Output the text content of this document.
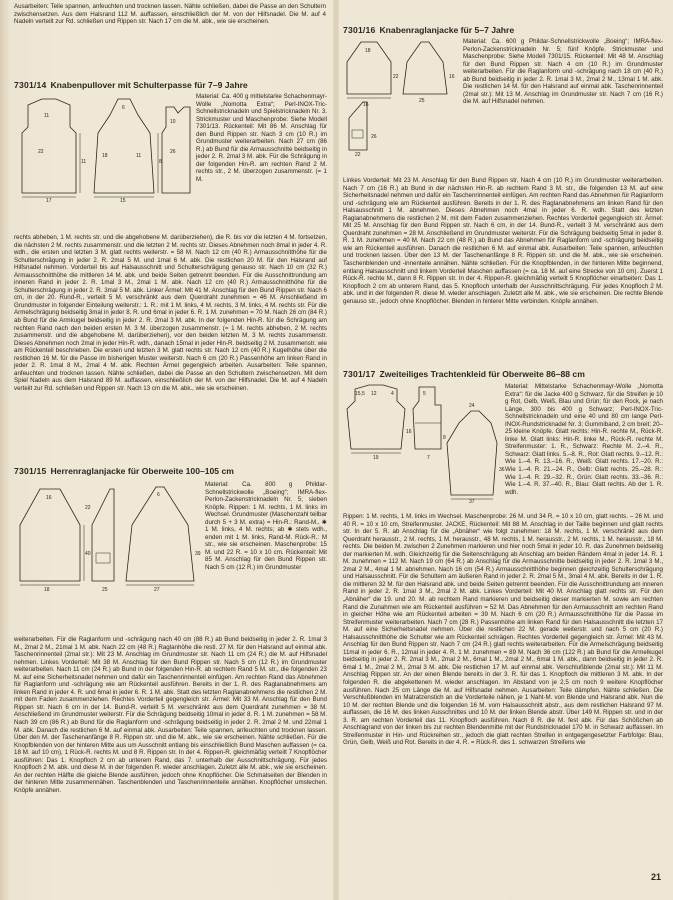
Ausarbeiten: Teile spannen, anfeuchten und trocknen lassen. Nähte schließen, dabei die Passe an den Schultern zwischensetzen. Aus dem Halsrand 112 M. auffassen, einschließlich der M. von der Hilfsnadel. Die M. auf 4 Nadeln verteilt zur Rd. schließen und Rippen str. Nach 17 cm die M. abk., wie sie erscheinen.

7301/14 Knabenpullover mit Schulterpasse für 7–9 Jahre

17
11
11
15
8
18	11
10
6
22	26

Material: Ca. 400 g mittelstarke Schachenmayr-Wolle „Nomotta Extra“; Perl-INOX-Tric-Schnellstricknadeln und Spielstricknadeln Nr. 3. Strickmuster und Maschenprobe: Siehe Modell 7301/13. Rückenteil: Mit 86 M. Anschlag für den Bund Rippen str. Nach 3 cm (10 R.) im Grundmuster weiterarbeiten. Nach 27 cm (86 R.) ab Bund für die Armausschnitte beidseitig in jeder 2. R. 2mal 3 M. abk. Für die Schrägung in der folgenden Hin-R. am rechten Rand 2 M. rechts str., 2 M. überzogen zusammenstr. (= 1 M.

rechts abheben, 1 M. rechts str. und die abgehobene M. darüberziehen), die R. bis vor die letzten 4 M. fortsetzen, die nächsten 2 M. rechts zusammenstr. und die letzten 2 M. rechts str. Dieses Abnehmen noch 8mal in jeder 4. R. wdh., die ersten und letzten 3 M. glatt rechts weiterstr. = 58 M. Nach 12 cm (40 R.) Armausschnitthöhe für die Schulterschrägung in jeder 2. R. 2mal 5 M. und 1mal 6 M. abk. Die restlichen 20 M. für den Halsrand auf Hilfsnadel nehmen. Vorderteil bis auf Halsausschnitt und Schulterschrägung genauso str. Nach 10 cm (32 R.) Armausschnitthöhe die mittleren 14 M. abk. und beide Seiten getrennt beenden. Für die Ausschnittrundung am inneren Rand in jeder 2. R. 1mal 3 M., 2mal 1 M. abk. Nach 12 cm (40 R.) Armausschnitthöhe für die Schulterschrägung in jeder 2. R. 3mal 5 M. abk. Linker Ärmel: Mit 41 M. Anschlag für den Bund Rippen str. Nach 6 cm, in der 20. Rund-R., verteilt 5 M. verschränkt aus dem Querdraht zunehmen = 46 M. Anschließend im Grundmuster in folgender Einteilung weiterstr.: 1. R.: mit 1 M. links, 4 M. rechts, 3 M. links, 4 M. rechts str. Für die Armelschrägung beidseitig 3mal in jeder 8. R. und 6mal in jeder 6. R. 1 M. zunehmen = 70 M. Nach 26 cm (84 R.) ab Bund für die Armkugel beidseitig in jeder 2. R. 2mal 3 M. abk. In der folgenden Hin-R. für die Schrägung am rechten Rand nach den beiden ersten M. 3 M. überzogen zusammenstr. (= 1 M. rechts abheben, 2 M. rechts zusammenstr. und die abgehobene M. darüberziehen), vor den beiden letzten M. 3 M. rechts zusammenstr. Dieses Abnehmen noch 2mal in jeder Hin-R. wdh., danach 15mal in jeder Hin-R. beidseitig 2 M. zusammenstr. wie am Rückenteil beschrieben. Die ersten und letzten 3 M. glatt rechts str. Nach 12 cm (40 R.) Kugelhöhe über die restlichen 16 M. für die Passe im bisherigen Muster weiterstr. Nach 6 cm (20 R.) Passenhöhe am linken Rand in jeder 2. R. 1mal 8 M., 2mal 4 M. abk. Rechten Ärmel gegengleich arbeiten. Ausarbeiten: Teile spannen, anfeuchten und trocknen lassen. Nähte schließen, dabei die Passe an den Schultern zwischensetzen. Mit dem Spiel Nadeln aus dem Halsrand 89 M. auffassen, einschließlich der M. von der Hilfsnadel. Die M. auf 4 Nadeln verteilt zur Rd. schließen und Rippen str. Nach 13 cm die M. abk., wie sie erscheinen.

7301/15 Herrenraglanjacke für Oberweite 100–105 cm

18	25
22
16
27
40	39
6

Material: Ca. 800 g Phildar-Schnellstrickwolle „Boeing“; IMRA-flex-Perlon-Zackenstricknadeln Nr. 5; sieben Knöpfe. Rippen: 1 M. rechts, 1 M. links im Wechsel. Grundmuster (Maschenzahl teilbar durch 5 + 3 M. extra) = Hin-R.: Rand-M., ✱ 1 M. links, 4 M. rechts; ab ✱ stets wdh., enden mit 1 M. links, Rand-M. Rück-R.: M str., wie sie erscheinen. Maschenprobe: 15 M. und 22 R. = 10 x 10 cm. Rückenteil: Mit 85 M. Anschlag für den Bund Rippen str. Nach 5 cm (12 R.) im Grundmuster

weiterarbeiten. Für die Raglanform und -schrägung nach 40 cm (88 R.) ab Bund beidseitig in jeder 2. R. 1mal 3 M., 2mal 2 M., 21mal 1 M. abk. Nach 22 cm (48 R.) Raglanhöhe die restl. 27 M. für den Halsrand auf einmal abk. Taschenrinnenteil (2mal str.): Mit 23 M. Anschlag im Grundmuster str. Nach 11 cm (24 R.) die M. auf Hilfsnadel nehmen. Linkes Vorderteil: Mit 38 M. Anschlag für den Bund Rippen str. Nach 5 cm (12 R.) im Grundmuster weiterarbeiten. Nach 11 cm (24 R.) ab Bund in der folgenden Hin-R. ab rechtem Rand 5 M. str., die folgenden 23 M. auf eine Sicherheitsnadel nehmen und dafür ein Taschenrinnenteil einfügen. Am rechten Rand das Abnehmen für Raglanform und -schrägung wie am Rückenteil ausführen. Bereits in der 1. R. des Raglanabnehmens am linken Rand in jeder 4. R. und 6mal in jeder 6. R. 1 M. abk. Statt des letzten Raglanabnehmens die restlichen 2 M. mit dem Faden zusammenziehen. Rechtes Vorderteil gegengleich str. Ärmel: Mit 33 M. Anschlag für den Bund Rippen str. Nach 6 cm in der 14. Bund-R. verteilt 5 M. verschränkt aus dem Querdraht zunehmen = 38 M. Anschließend im Grundmuster weiterstr. Für die Schrägung beidseitig 10mal in jeder 8. R. 1 M. zunehmen = 58 M. Nach 39 cm (86 R.) ab Bund für die Raglanform und -schrägung beidseitig in jeder 2. R. 2mal 2 M. und 22mal 1 M. abk. Danach die restlichen 6 M. auf einmal abk. Ausarbeiten: Teile spannen, anfeuchten und trocknen lassen. Über den M. der Taschenanfänge 8 R. Rippen str. und die M. abk., wie sie erscheinen. Nähte schließen. Für die Knopfblenden von der hinteren Mitte aus um Ausschnitt entlang bis einschließlich Bund Maschen auffassen (= ca. 18 M. auf 10 cm), 1 Rück-R. rechts M. und 8 R. Rippen str. In der 4. Rippen-R. gleichmäßig verteilt 7 Knopflöcher ausführen: Das 1. Knopfloch 2 cm ab unterem Rand, das 7. unterhalb der Ausschnittschrägung. Für jedes Knopfloch 2 M. abk. und diese M. in der folgenden R. wieder anschlagen. Zuletzt alle M. abk., wie sie erscheinen. An der rechten Hälfte die gleiche Blende ausführen, jedoch ohne Knopflöcher. Die Schmalseiten der Blenden in der hinteren Mitte zusammennähen. Taschenblenden und Taschenrinnenteile annähen. Knopflöcher umstechen. Knöpfe annähen.

7301/16 Knabenraglanjacke für 5–7 Jahre

16
25
22	16
26
18
22

Material: Ca. 600 g Phildar-Schnellstrickwolle „Boeing“; IMRA-flex-Perlon-Zackenstricknadeln Nr. 5; fünf Knöpfe. Strickmuster und Maschenprobe: Siehe Modell 7301/15. Rückenteil: Mit 48 M. Anschlag für den Bund Rippen str. Nach 4 cm (10 R.) im Grundmuster weiterarbeiten. Für die Raglanform und -schrägung nach 18 cm (40 R.) ab Bund beidseitig in jeder 2. R. 1mal 3 M., 2mal 2 M., 13mal 1 M. abk. Die restlichen 14 M. für den Halsrand auf einmal abk. Taschenrinnenteil (2mal str.): Mit 13 M. Anschlag im Grundmuster str. Nach 7 cm (16 R.) die M. auf Hilfsnadel nehmen.

Linkes Vorderteil: Mit 23 M. Anschlag für den Bund Rippen str. Nach 4 cm (10 R.) im Grundmuster weiterarbeiten. Nach 7 cm (16 R.) ab Bund in der nächsten Hin-R. ab rechtem Rand 3 M. str., die folgenden 13 M. auf eine Sicherheitsnadel nehmen und dafür ein Taschenrinnenteil einfügen. Am rechten Rand das Abnehmen für Raglanform und -schrägung wie am Rückenteil ausführen. Bereits in der 1. R. des Raglanabnehmens am linken Rand für den Halsausschnitt 1 M. abnehmen. Dieses Abnehmen noch 4mal in jeder 6. R. wdh. Statt des letzten Raglanabnehmens die restlichen 2 M. mit dem Faden zusammenziehen. Rechtes Vorderteil gegengleich str. Ärmel: Mit 25 M. Anschlag für den Bund Rippen str. Nach 6 cm, in der 14. Bund-R., verteilt 3 M. verschränkt aus dem Querdraht zunehmen = 28 M. Anschließend im Grundmuster weiterstr. Für die Schrägung beidseitig 5mal in jeder 8. R. 1 M. zunehmen = 40 M. Nach 22 cm (48 R.) ab Bund das Abnehmen für Raglanform und -schrägung beidseitig wie am Rückenteil ausführen. Danach die restlichen 6 M. auf einmal abk. Ausarbeiten: Teile spannen, anfeuchten und trocknen lassen. Über den 13 M. der Taschenanfänge 8 R. Rippen str. und die M. abk., wie sie erscheinen. Taschenblenden und -innenteile annähen. Nähte schließen. Für die Knopfblenden, in der hinteren Mitte beginnend, entlang Halsausschnitt und linkem Vorderteil Maschen auffassen (= ca. 18 M. auf eine Strecke von 10 cm). Zuerst 1 Rück-R. rechte M., dann 8 R. Rippen str. In der 4. Rippen-R. gleichmäßig verteilt 5 Knopflöcher einarbeiten: Das 1. Knopfloch 2 cm ab unterem Rand, das 5. Knopfloch unterhalb der Ausschnittschrägung. Für jedes Knopfloch 2 M. abk. und in der folgenden R. diese M. wieder anschlagen. Zuletzt alle M. abk., wie sie erscheinen. Die rechte Blende genauso str., jedoch ohne Knopflöcher. Blenden in hinterer Mitte verbinden. Knöpfe annähen.

7301/17 Zweiteiliges Trachtenkleid für Oberweite 86–88 cm

15,5	4
12	5
16
19	7
8
24
37
36

Material: Mittelstarke Schachenmayr-Wolle „Nomotta Extra“: für die Jacke 400 g Schwarz, für die Streifen je 10 g Rot, Gelb, Weiß, Blau und Grün; für den Rock, je nach Länge, 300 bis 400 g Schwarz; Perl-INOX-Tric-Schnellstricknadeln und eine 40 und 80 cm lange Perl-INOX-Rundstricknadel Nr. 3; Gummiband, 2 cm breit; 20–25 kleine Knöpfe. Glatt rechts: Hin-R. rechte M., Rück-R. linke M. Glatt links: Hin-R. linke M., Rück-R. rechte M. Streifenmuster: 1. R., Schwarz: Rechte M. 2.–4. R., Schwarz: Glatt links. 5.–8. R., Rot: Glatt rechts. 9.–12. R.: Wie 1.–4. R. 13.–16. R., Weiß: Glatt rechts. 17.–20. R.: Wie 1.–4. R. 21.–24. R., Gelb: Glatt rechts. 25.–28. R.: Wie 1.–4. R. 29.–32. R., Grün: Glatt rechts. 33.–36. R.: Wie 1.–4. R. 37.–40. R., Blau: Glatt rechts. Ab der 1. R. wdh.

Rippen: 1 M. rechts, 1 M. links im Wechsel. Maschenprobe: 26 M. und 34 R. = 10 x 10 cm, glatt rechts. – 26 M. und 40 R. = 10 x 10 cm, Streifenmuster. JACKE, Rückenteil: Mit 88 M. Anschlag in der Taille beginnen und glatt rechts str. In der 5. R. ab Anschlag für die „Abnäher“ wie folgt zunehmen: 18 M. rechts, 1 M. verschränkt aus dem Querdraht herausstr., 2 M. rechts, 1 M. herausstr., 48 M. rechts, 1 M. herausstr., 2 M. rechts, 1 M. herausstr., 18 M. rechts. Die beiden M. zwischen 2 Zunehmen markieren und hier noch 5mal in jeder 10. R. das Zunehmen beidseitig der markierten M. wdh. Gleichzeitig für die Seitenschrägung ab Anschlag am beiden Rändern 4mal in jeder 14. R. 1 M. zunehmen = 112 M. Nach 19 cm (64 R.) ab Anschlag für die Armausschnitte beidseitig in jeder 2. R. 1mal 3 M., 2mal 2 M., 4mal 1 M. abnehmen. Nach 16 cm (54 R.) Armausschnitthöhe beginnen gleichzeitig Schulterschrägung und Halsausschnitt. Für die Schultern am äußeren Rand in jeder 2. R. 2mal 5 M., 3mal 4 M. abk. Bereits in der 1. R. die mittleren 32 M. für den Halsrand abk. und beide Seiten getrennt beenden. Für die Ausschnittrundung am inneren Rand in jeder 2. R. 1mal 3 M., 2mal 2 M. abk. Linkes Vorderteil: Mit 40 M. Anschlag glatt rechts str. Für den „Abnäher“ die 19. und 20. M. ab rechtem Rand markieren und beidseitig dieser markierten M. sowie am rechten Rand die Zunahmen wie am Rückenteil ausführen = 52 M. Das Abnehmen für den Armausschnitt am rechten Rand in gleicher Höhe wie am Rückenteil arbeiten = 39 M. Nach 6 cm (20 R.) Armausschnitthöhe für die Passe im Streifenmuster weiterarbeiten. Nach 7 cm (28 R.) Passenhöhe am linken Rand für den Halsausschnitt die letzten 17 M. auf eine Sicherheitsnadel nehmen. Über die restlichen 22 M. gerade weiterstr. und nach 5 cm (20 R.) Halsausschnitthöhe die Schulter wie am Rückenteil schrägen. Rechtes Vorderteil gegengleich str. Ärmel: Mit 43 M. Anschlag für den Bund Rippen str. Nach 7 cm (24 R.) glatt rechts weiterarbeiten. Für die Armelschrägung beidseitig 11mal in jeder 6. R., 12mal in jeder 4. R. 1 M. zunehmen = 89 M. Nach 36 cm (122 R.) ab Bund für die Armelkugel beidseitig in jeder 2. R. 2mal 3 M., 2mal 2 M., 6mal 1 M., 2mal 2 M., 6mal 1 M. abk., dann beidseitig in jeder 2. R. 6mal 1 M., 2mal 2 M., 2mal 3 M. abk. Die restlichen 17 M. auf einmal abk. Verschlußblende (2mal str.): Mit 11 M. Anschlag Rippen str. An der einen Blende bereits in der 3. R. für das 1. Knopfloch die mittleren 3 M. abk. In der folgenden R. die abgekettenen M. wieder anschlagen. Im Abstand von je 2,5 cm noch 9 weitere Knopflöcher ausführen. Nach 25 cm Länge die M. auf Hilfsnadel nehmen. Ausarbeiten: Teile dämpfen. Nähte schließen. Die Verschlußblenden im Matratzenstich an die Vorderteile nähen, je 1 Naht-M. von Blende und Halsrand abk. Nun die 10 M. der rechten Blende und die folgenden 16 M. vom Halsausschnitt abstr., aus dem restlichen Halsrand 97 M. auffassen, die 16 M. des linken Ausschnittes und 10 M. der linken Blende abstr. Über 149 M. Rippen str. und in der 3. R. am rechten Vorderteil das 11. Knopfloch ausführen. Nach 8 R. die M. fest abk. Für das Schößchen ab Anschlagrand von der linken bis zur rechten Blendenmitte mit der Rundstricknadel 170 M. in Schwarz auffassen. Im Streifenmuster in Hin- und Rückreihen str., jedoch die glatt rechten Streifen in entgegengesetzter Farbfolge: Blau, Grün, Gelb, Weiß und Rot. Bereits in der 4. R. = Rück-R. des 1. schwarzen Streifens wie

21
